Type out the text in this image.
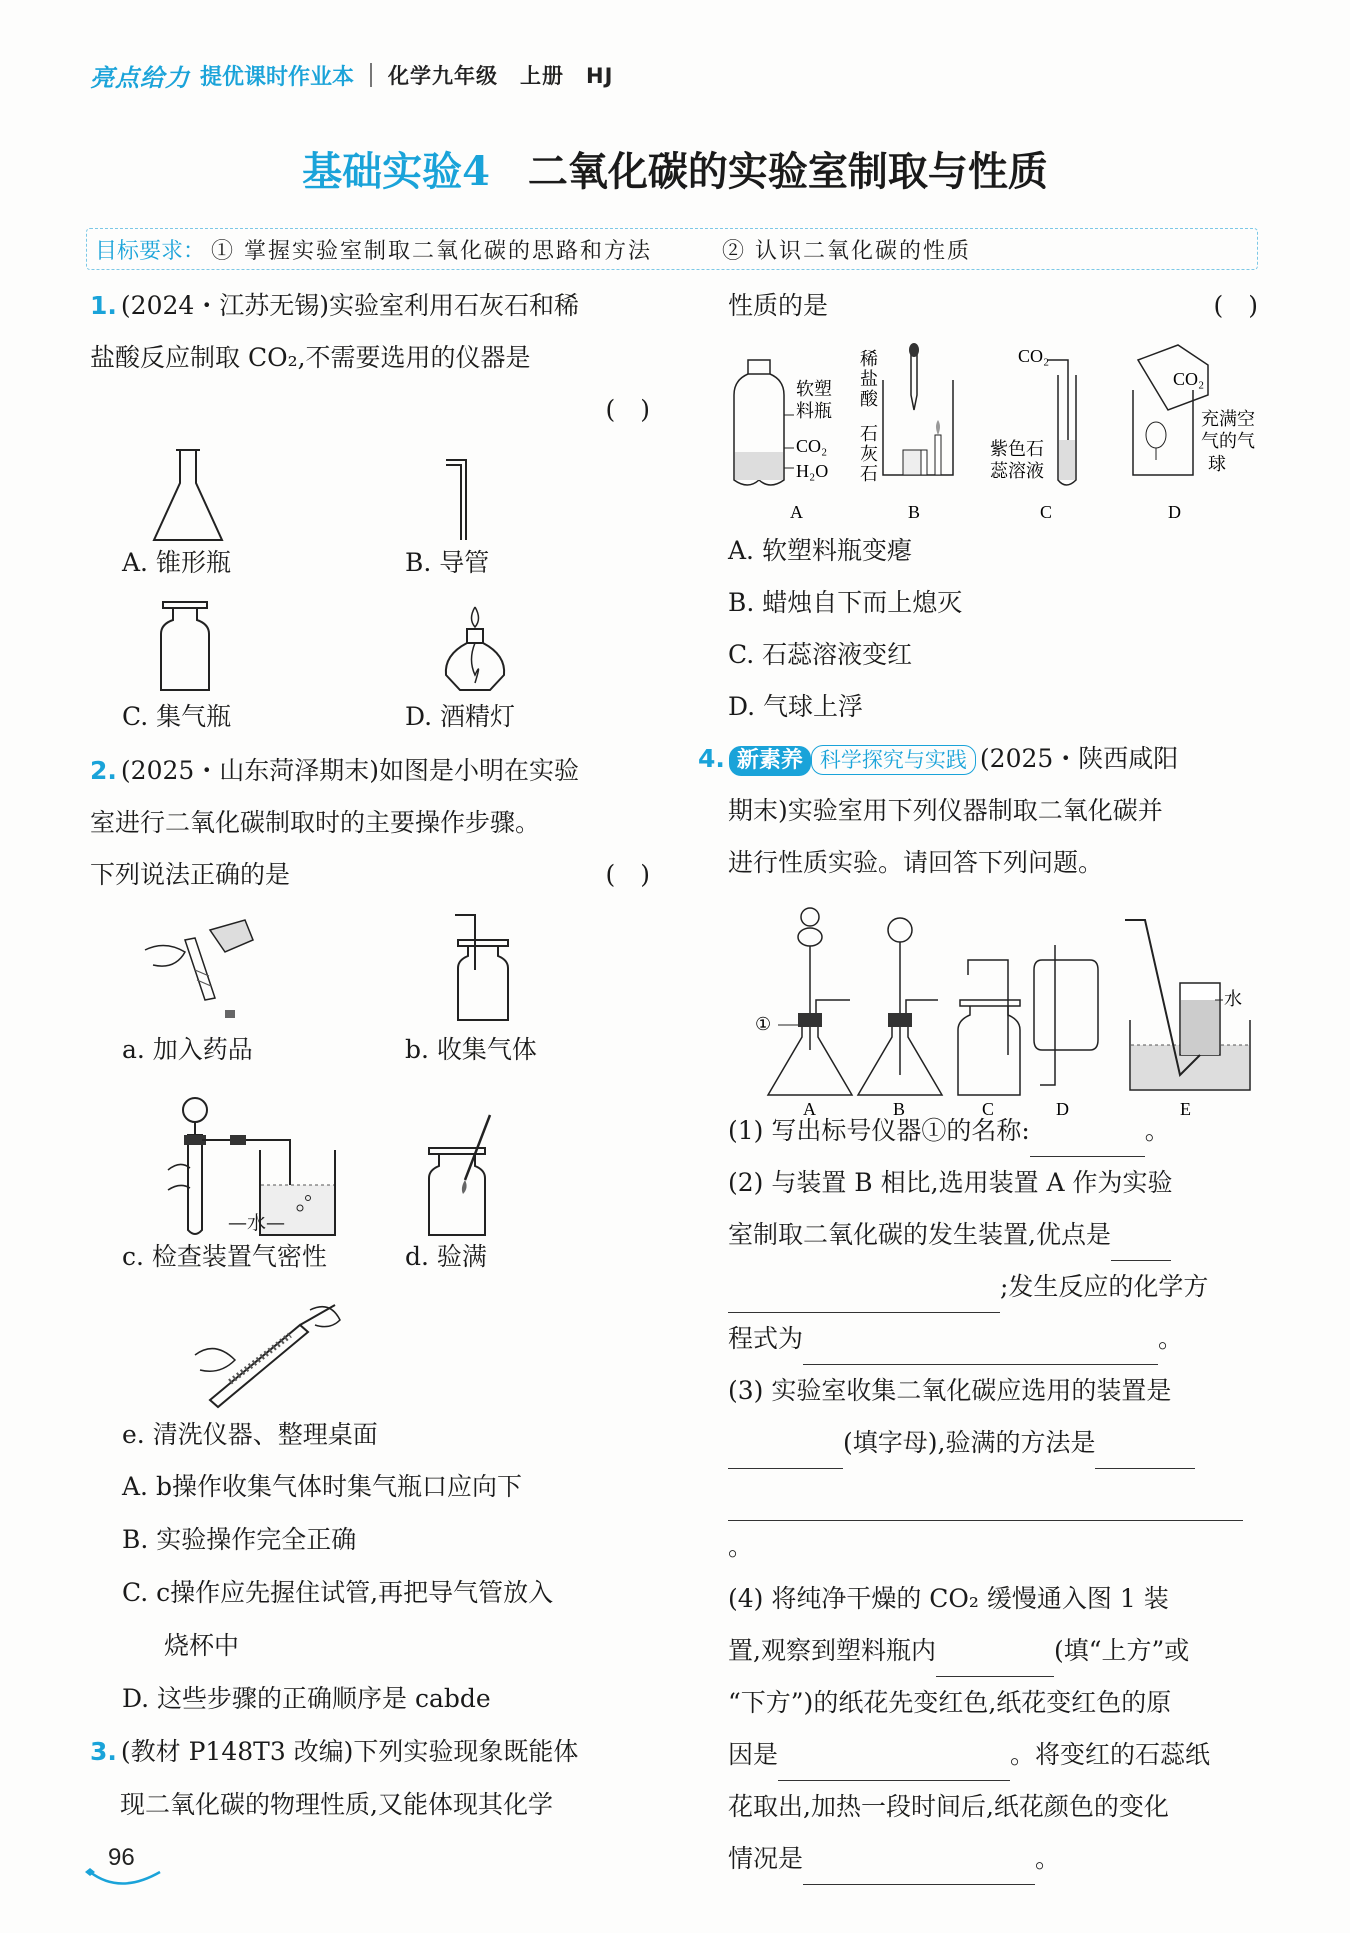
亮点给力 提优课时作业本 化学九年级 上册 HJ
基础实验4 二氧化碳的实验室制取与性质
目标要求： ① 掌握实验室制取二氧化碳的思路和方法	② 认识二氧化碳的性质
1. (2024・江苏无锡)实验室利用石灰石和稀
盐酸反应制取 CO₂,不需要选用的仪器是
(　)
A. 锥形瓶	B. 导管
C. 集气瓶	D. 酒精灯
2. (2025・山东菏泽期末)如图是小明在实验
室进行二氧化碳制取时的主要操作步骤。
下列说法正确的是	(　)
a. 加入药品	b. 收集气体
—水—
c. 检查装置气密性	d. 验满
e. 清洗仪器、整理桌面
A. b操作收集气体时集气瓶口应向下
B. 实验操作完全正确
C. c操作应先握住试管,再把导气管放入
烧杯中
D. 这些步骤的正确顺序是 cabde
3. (教材 P148T3 改编)下列实验现象既能体
现二氧化碳的物理性质,又能体现其化学
性质的是	(　)
软塑
料瓶
CO₂
H₂O
A
稀
盐
酸
石
灰
石
B
CO₂
紫色石
蕊溶液
C
CO₂
充满空
气的气
球
D
A. 软塑料瓶变瘪
B. 蜡烛自下而上熄灭
C. 石蕊溶液变红
D. 气球上浮
4. 新素养 科学探究与实践 (2025・陕西咸阳
期末)实验室用下列仪器制取二氧化碳并
进行性质实验。请回答下列问题。
①
A	B	C	D
水
E
(1) 写出标号仪器①的名称:	。
(2) 与装置 B 相比,选用装置 A 作为实验
室制取二氧化碳的发生装置,优点是
;发生反应的化学方
程式为	。
(3) 实验室收集二氧化碳应选用的装置是
(填字母),验满的方法是
。
(4) 将纯净干燥的 CO₂ 缓慢通入图 1 装
置,观察到塑料瓶内	(填“上方”或
“下方”)的纸花先变红色,纸花变红色的原
因是	。将变红的石蕊纸
花取出,加热一段时间后,纸花颜色的变化
情况是	。
96
